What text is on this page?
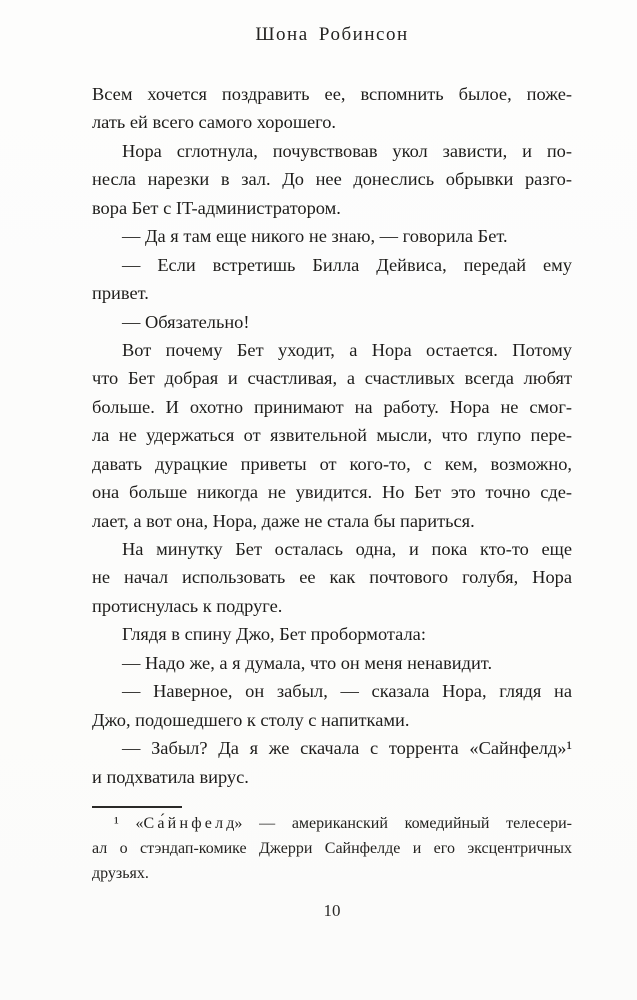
Шона Робинсон
Всем хочется поздравить ее, вспомнить былое, поже-
лать ей всего самого хорошего.
Нора сглотнула, почувствовав укол зависти, и по-
несла нарезки в зал. До нее донеслись обрывки разго-
вора Бет с IT-администратором.
— Да я там еще никого не знаю, — говорила Бет.
— Если встретишь Билла Дейвиса, передай ему
привет.
— Обязательно!
Вот почему Бет уходит, а Нора остается. Потому
что Бет добрая и счастливая, а счастливых всегда любят
больше. И охотно принимают на работу. Нора не смог-
ла не удержаться от язвительной мысли, что глупо пере-
давать дурацкие приветы от кого-то, с кем, возможно,
она больше никогда не увидится. Но Бет это точно сде-
лает, а вот она, Нора, даже не стала бы париться.
На минутку Бет осталась одна, и пока кто-то еще
не начал использовать ее как почтового голубя, Нора
протиснулась к подруге.
Глядя в спину Джо, Бет пробормотала:
— Надо же, а я думала, что он меня ненавидит.
— Наверное, он забыл, — сказала Нора, глядя на
Джо, подошедшего к столу с напитками.
— Забыл? Да я же скачала с торрента «Сайнфелд»¹
и подхватила вирус.
¹ «С а́ й н ф е л д» — американский комедийный телесери-
ал о стэндап-комике Джерри Сайнфелде и его эксцентричных
друзьях.
10
